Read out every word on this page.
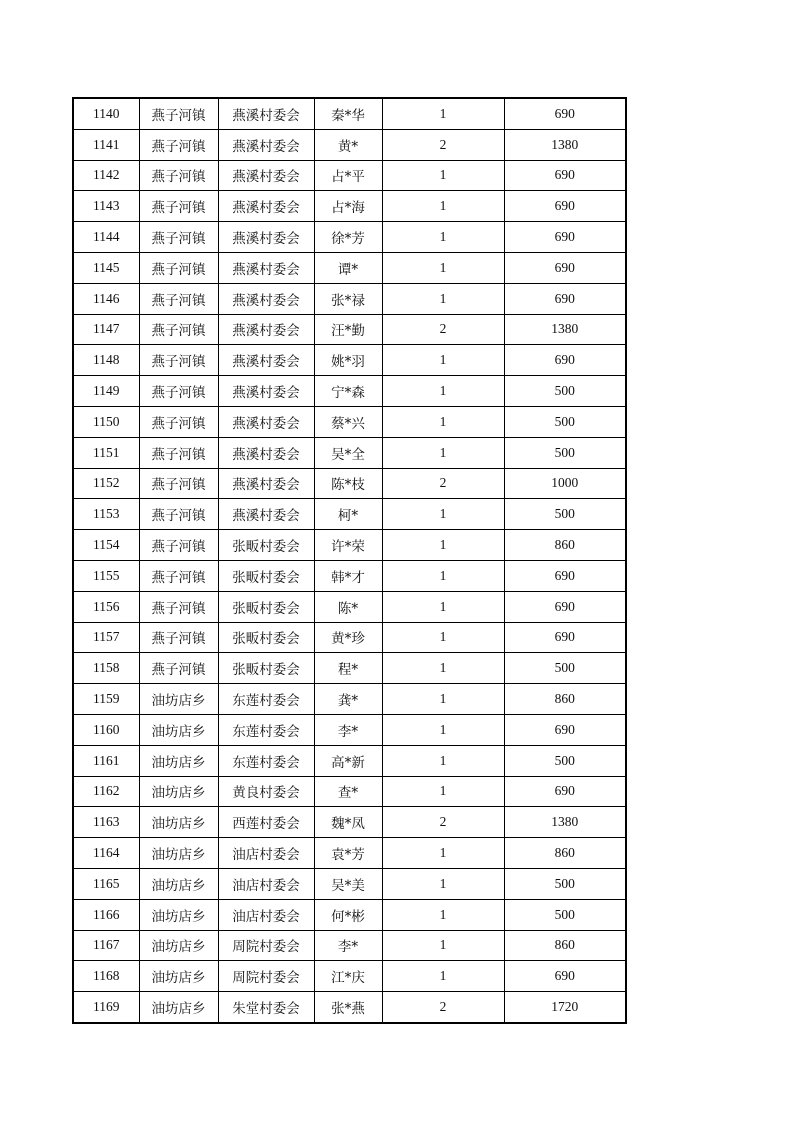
1140	燕子河镇	燕溪村委会	秦*华	1	690
1141	燕子河镇	燕溪村委会	黄*	2	1380
1142	燕子河镇	燕溪村委会	占*平	1	690
1143	燕子河镇	燕溪村委会	占*海	1	690
1144	燕子河镇	燕溪村委会	徐*芳	1	690
1145	燕子河镇	燕溪村委会	谭*	1	690
1146	燕子河镇	燕溪村委会	张*禄	1	690
1147	燕子河镇	燕溪村委会	汪*勤	2	1380
1148	燕子河镇	燕溪村委会	姚*羽	1	690
1149	燕子河镇	燕溪村委会	宁*森	1	500
1150	燕子河镇	燕溪村委会	蔡*兴	1	500
1151	燕子河镇	燕溪村委会	吴*全	1	500
1152	燕子河镇	燕溪村委会	陈*枝	2	1000
1153	燕子河镇	燕溪村委会	柯*	1	500
1154	燕子河镇	张畈村委会	许*荣	1	860
1155	燕子河镇	张畈村委会	韩*才	1	690
1156	燕子河镇	张畈村委会	陈*	1	690
1157	燕子河镇	张畈村委会	黄*珍	1	690
1158	燕子河镇	张畈村委会	程*	1	500
1159	油坊店乡	东莲村委会	龚*	1	860
1160	油坊店乡	东莲村委会	李*	1	690
1161	油坊店乡	东莲村委会	高*新	1	500
1162	油坊店乡	黄良村委会	查*	1	690
1163	油坊店乡	西莲村委会	魏*凤	2	1380
1164	油坊店乡	油店村委会	袁*芳	1	860
1165	油坊店乡	油店村委会	吴*美	1	500
1166	油坊店乡	油店村委会	何*彬	1	500
1167	油坊店乡	周院村委会	李*	1	860
1168	油坊店乡	周院村委会	江*庆	1	690
1169	油坊店乡	朱堂村委会	张*燕	2	1720
